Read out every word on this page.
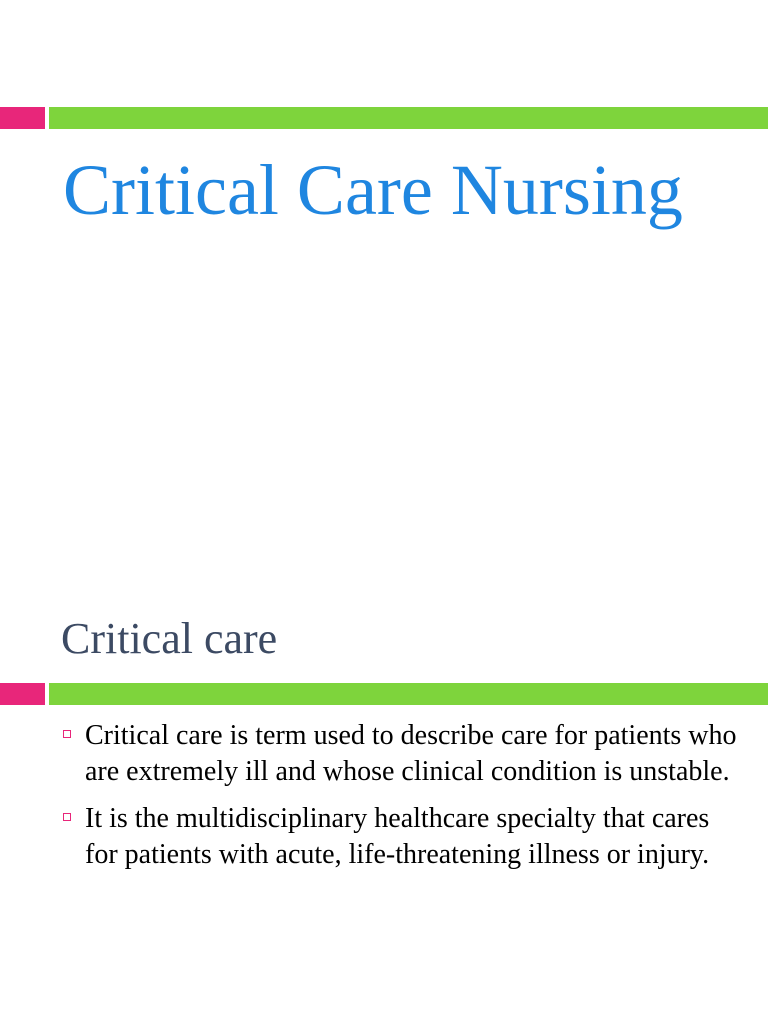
Critical Care Nursing
Critical care
Critical care is term used to describe care for patients who are extremely ill and whose clinical condition is unstable.
It is the multidisciplinary healthcare specialty that cares for patients with acute, life-threatening illness or injury.
